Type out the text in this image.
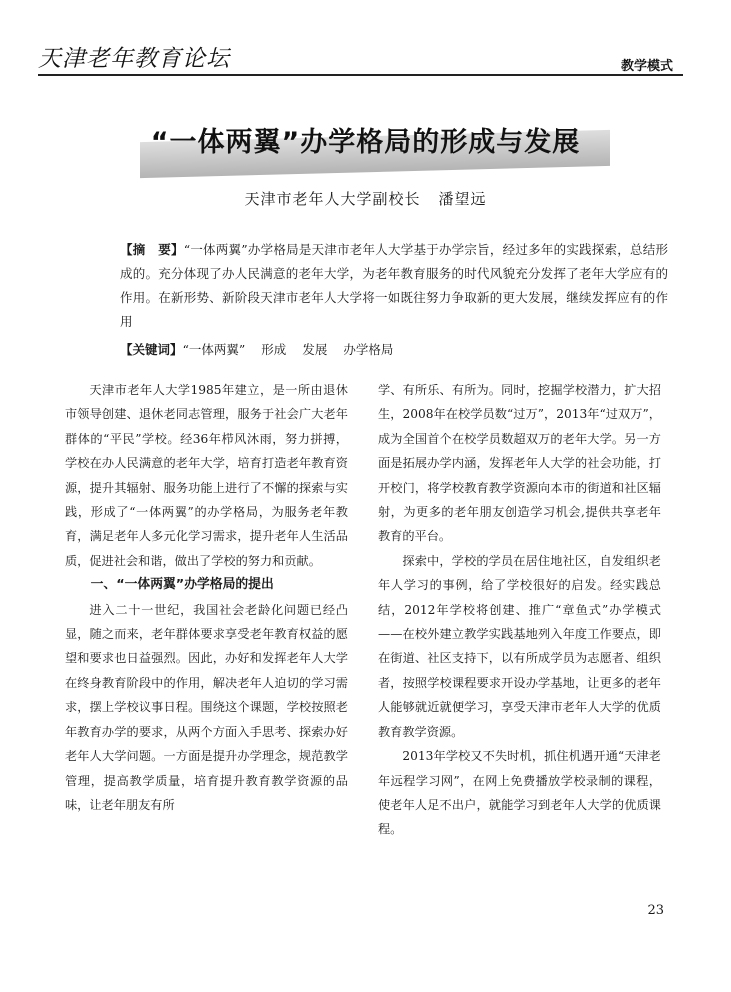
天津老年教育论坛	教学模式
“一体两翼”办学格局的形成与发展
天津市老年人大学副校长 潘望远
【摘　要】“一体两翼”办学格局是天津市老年人大学基于办学宗旨，经过多年的实践探索，总结形成的。充分体现了办人民满意的老年大学，为老年教育服务的时代风貌充分发挥了老年大学应有的作用。在新形势、新阶段天津市老年人大学将一如既往努力争取新的更大发展，继续发挥应有的作用
【关键词】“一体两翼” 形成 发展 办学格局

天津市老年人大学1985年建立，是一所由退休市领导创建、退休老同志管理，服务于社会广大老年群体的“平民”学校。经36年栉风沐雨，努力拼搏，学校在办人民满意的老年大学，培育打造老年教育资源，提升其辐射、服务功能上进行了不懈的探索与实践，形成了“一体两翼”的办学格局，为服务老年教育，满足老年人多元化学习需求，提升老年人生活品质，促进社会和谐，做出了学校的努力和贡献。

一、“一体两翼”办学格局的提出

进入二十一世纪，我国社会老龄化问题已经凸显，随之而来，老年群体要求享受老年教育权益的愿望和要求也日益强烈。因此，办好和发挥老年人大学在终身教育阶段中的作用，解决老年人迫切的学习需求，摆上学校议事日程。围绕这个课题，学校按照老年教育办学的要求，从两个方面入手思考、探索办好老年人大学问题。一方面是提升办学理念，规范教学管理，提高教学质量，培育提升教育教学资源的品味，让老年朋友有所

学、有所乐、有所为。同时，挖掘学校潜力，扩大招生，2008年在校学员数“过万”，2013年“过双万”，成为全国首个在校学员数超双万的老年大学。另一方面是拓展办学内涵，发挥老年人大学的社会功能，打开校门，将学校教育教学资源向本市的街道和社区辐射，为更多的老年朋友创造学习机会,提供共享老年教育的平台。

探索中，学校的学员在居住地社区，自发组织老年人学习的事例，给了学校很好的启发。经实践总结，2012年学校将创建、推广“章鱼式”办学模式——在校外建立教学实践基地列入年度工作要点，即在街道、社区支持下，以有所成学员为志愿者、组织者，按照学校课程要求开设办学基地，让更多的老年人能够就近就便学习，享受天津市老年人大学的优质教育教学资源。

2013年学校又不失时机，抓住机遇开通“天津老年远程学习网”，在网上免费播放学校录制的课程，使老年人足不出户，就能学习到老年人大学的优质课程。

23
